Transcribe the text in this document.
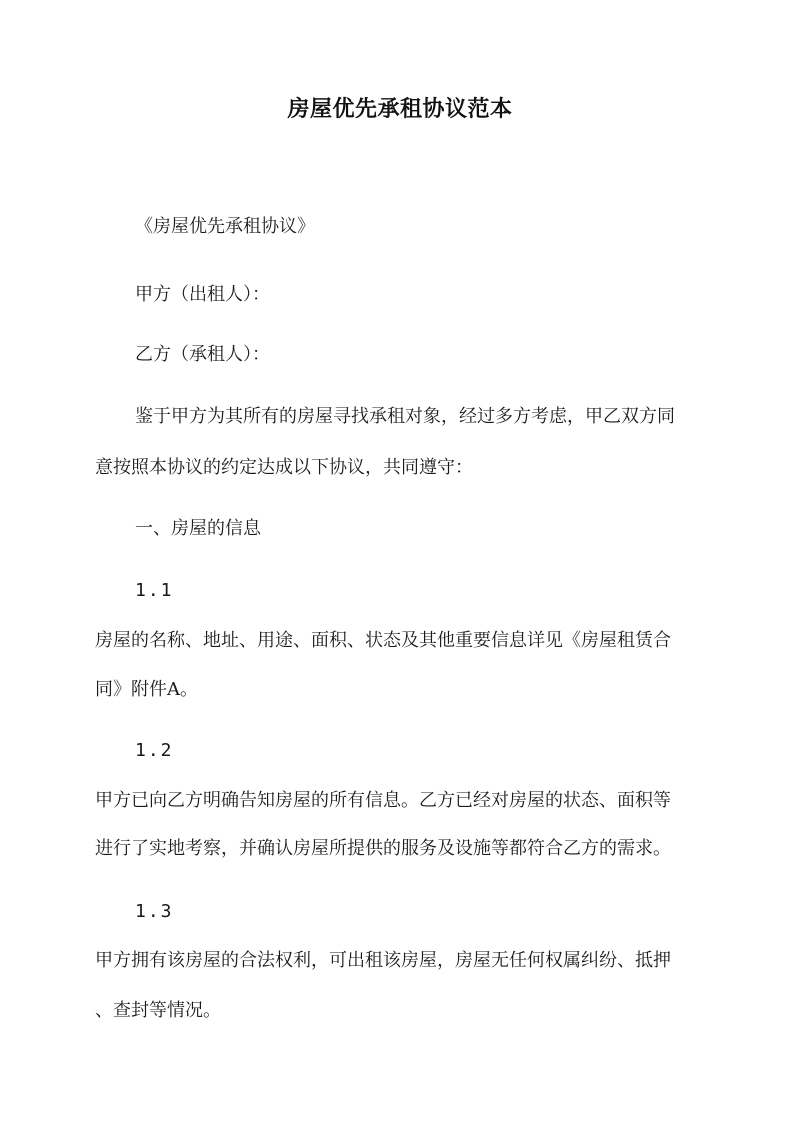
房屋优先承租协议范本
《房屋优先承租协议》
甲方（出租人）：
乙方（承租人）：
鉴于甲方为其所有的房屋寻找承租对象，经过多方考虑，甲乙双方同
意按照本协议的约定达成以下协议，共同遵守：
一、房屋的信息
1.1
房屋的名称、地址、用途、面积、状态及其他重要信息详见《房屋租赁合
同》附件A。
1.2
甲方已向乙方明确告知房屋的所有信息。乙方已经对房屋的状态、面积等
进行了实地考察，并确认房屋所提供的服务及设施等都符合乙方的需求。
1.3
甲方拥有该房屋的合法权利，可出租该房屋，房屋无任何权属纠纷、抵押
、查封等情况。
